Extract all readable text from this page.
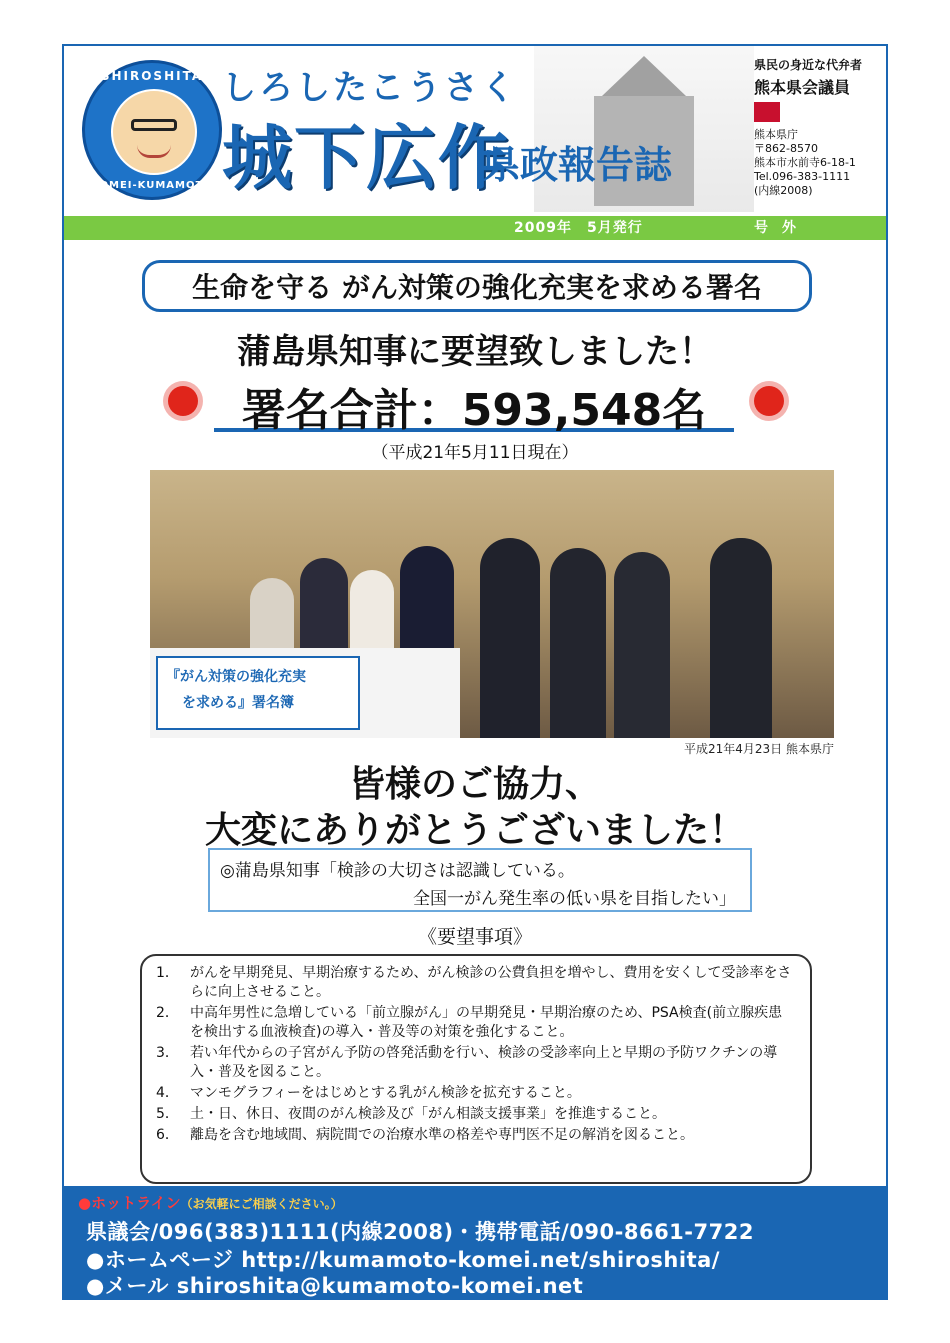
SHIROSHITA
KOMEI-KUMAMOTO
しろしたこうさく
城下広作
県政報告誌
県民の身近な代弁者
熊本県会議員
熊本県庁
〒862-8570
熊本市水前寺6-18-1
Tel.096-383-1111
(内線2008)
2009年　5月発行	号外
生命を守る がん対策の強化充実を求める署名
蒲島県知事に要望致しました！
署名合計：593,548名
（平成21年5月11日現在）
『がん対策の強化充実
を求める』署名簿
平成21年4月23日 熊本県庁
皆様のご協力、
大変にありがとうございました！
◎蒲島県知事「検診の大切さは認識している。
全国一がん発生率の低い県を目指したい」
《要望事項》
1． がんを早期発見、早期治療するため、がん検診の公費負担を増やし、費用を安くして受診率をさらに向上させること。
2． 中高年男性に急増している「前立腺がん」の早期発見・早期治療のため、PSA検査(前立腺疾患を検出する血液検査)の導入・普及等の対策を強化すること。
3． 若い年代からの子宮がん予防の啓発活動を行い、検診の受診率向上と早期の予防ワクチンの導入・普及を図ること。
4． マンモグラフィーをはじめとする乳がん検診を拡充すること。
5． 土・日、休日、夜間のがん検診及び「がん相談支援事業」を推進すること。
6． 離島を含む地域間、病院間での治療水準の格差や専門医不足の解消を図ること。
●ホットライン（お気軽にご相談ください。）
県議会/096(383)1111(内線2008)・携帯電話/090-8661-7722
●ホームページ http://kumamoto-komei.net/shiroshita/
●メール shiroshita@kumamoto-komei.net
